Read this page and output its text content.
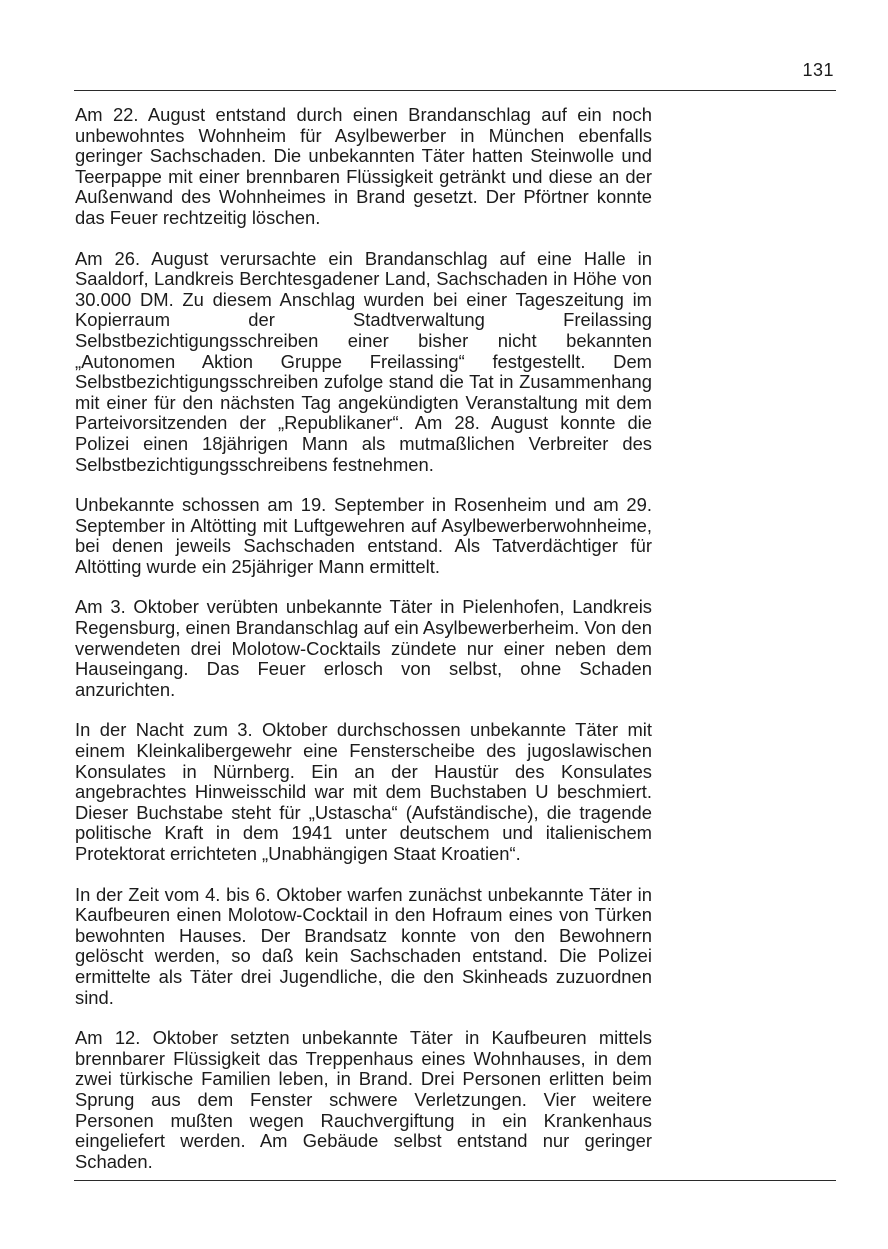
131

Am 22. August entstand durch einen Brandanschlag auf ein noch unbewohntes Wohnheim für Asylbewerber in München ebenfalls geringer Sachschaden. Die unbekannten Täter hatten Steinwolle und Teerpappe mit einer brennbaren Flüssigkeit getränkt und diese an der Außenwand des Wohnheimes in Brand gesetzt. Der Pförtner konnte das Feuer rechtzeitig löschen.

Am 26. August verursachte ein Brandanschlag auf eine Halle in Saaldorf, Landkreis Berchtesgadener Land, Sachschaden in Höhe von 30.000 DM. Zu diesem Anschlag wurden bei einer Tageszeitung im Kopierraum der Stadtverwaltung Freilassing Selbstbezichtigungsschreiben einer bisher nicht bekannten „Autonomen Aktion Gruppe Freilassing“ festgestellt. Dem Selbstbezichtigungsschreiben zufolge stand die Tat in Zusammenhang mit einer für den nächsten Tag angekündigten Veranstaltung mit dem Parteivorsitzenden der „Republikaner“. Am 28. August konnte die Polizei einen 18jährigen Mann als mutmaßlichen Verbreiter des Selbstbezichtigungsschreibens festnehmen.

Unbekannte schossen am 19. September in Rosenheim und am 29. September in Altötting mit Luftgewehren auf Asylbewerberwohnheime, bei denen jeweils Sachschaden entstand. Als Tatverdächtiger für Altötting wurde ein 25jähriger Mann ermittelt.

Am 3. Oktober verübten unbekannte Täter in Pielenhofen, Landkreis Regensburg, einen Brandanschlag auf ein Asylbewerberheim. Von den verwendeten drei Molotow-Cocktails zündete nur einer neben dem Hauseingang. Das Feuer erlosch von selbst, ohne Schaden anzurichten.

In der Nacht zum 3. Oktober durchschossen unbekannte Täter mit einem Kleinkalibergewehr eine Fensterscheibe des jugoslawischen Konsulates in Nürnberg. Ein an der Haustür des Konsulates angebrachtes Hinweisschild war mit dem Buchstaben U beschmiert. Dieser Buchstabe steht für „Ustascha“ (Aufständische), die tragende politische Kraft in dem 1941 unter deutschem und italienischem Protektorat errichteten „Unabhängigen Staat Kroatien“.

In der Zeit vom 4. bis 6. Oktober warfen zunächst unbekannte Täter in Kaufbeuren einen Molotow-Cocktail in den Hofraum eines von Türken bewohnten Hauses. Der Brandsatz konnte von den Bewohnern gelöscht werden, so daß kein Sachschaden entstand. Die Polizei ermittelte als Täter drei Jugendliche, die den Skinheads zuzuordnen sind.

Am 12. Oktober setzten unbekannte Täter in Kaufbeuren mittels brennbarer Flüssigkeit das Treppenhaus eines Wohnhauses, in dem zwei türkische Familien leben, in Brand. Drei Personen erlitten beim Sprung aus dem Fenster schwere Verletzungen. Vier weitere Personen mußten wegen Rauchvergiftung in ein Krankenhaus eingeliefert werden. Am Gebäude selbst entstand nur geringer Schaden.
